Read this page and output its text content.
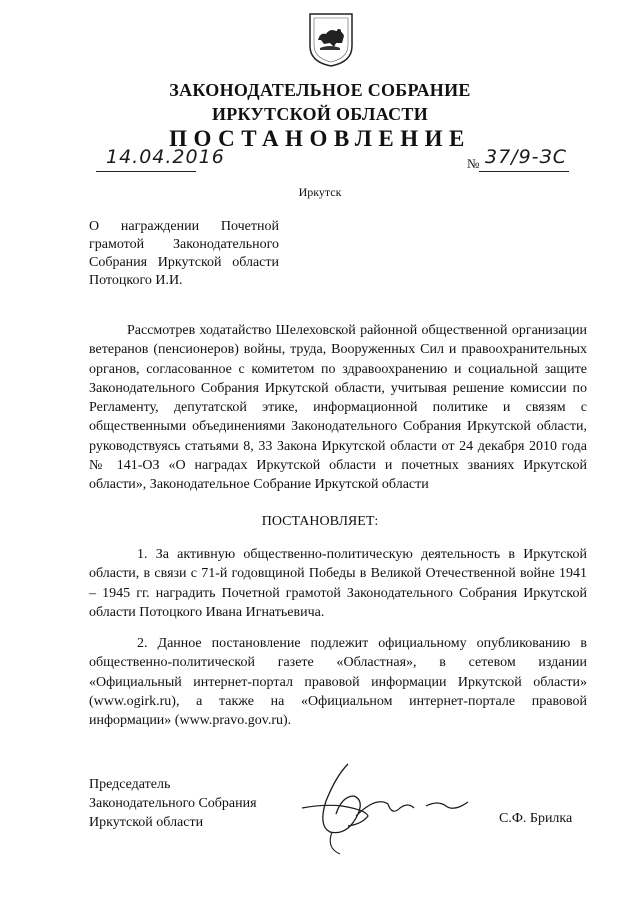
ЗАКОНОДАТЕЛЬНОЕ СОБРАНИЕ
ИРКУТСКОЙ ОБЛАСТИ
ПОСТАНОВЛЕНИЕ
14.04.2016	№ 37/9-ЗС
Иркутск
О награждении Почетной грамотой Законодательного Собрания Иркутской области Потоцкого И.И.
Рассмотрев ходатайство Шелеховской районной общественной организации ветеранов (пенсионеров) войны, труда, Вооруженных Сил и правоохранительных органов, согласованное с комитетом по здравоохранению и социальной защите Законодательного Собрания Иркутской области, учитывая решение комиссии по Регламенту, депутатской этике, информационной политике и связям с общественными объединениями Законодательного Собрания Иркутской области, руководствуясь статьями 8, 33 Закона Иркутской области от 24 декабря 2010 года № 141-ОЗ «О наградах Иркутской области и почетных званиях Иркутской области», Законодательное Собрание Иркутской области
ПОСТАНОВЛЯЕТ:
1. За активную общественно-политическую деятельность в Иркутской области, в связи с 71-й годовщиной Победы в Великой Отечественной войне 1941 – 1945 гг. наградить Почетной грамотой Законодательного Собрания Иркутской области Потоцкого Ивана Игнатьевича.
2. Данное постановление подлежит официальному опубликованию в общественно-политической газете «Областная», в сетевом издании «Официальный интернет-портал правовой информации Иркутской области» (www.ogirk.ru), а также на «Официальном интернет-портале правовой информации» (www.pravo.gov.ru).
Председатель
Законодательного Собрания
Иркутской области	С.Ф. Брилка
